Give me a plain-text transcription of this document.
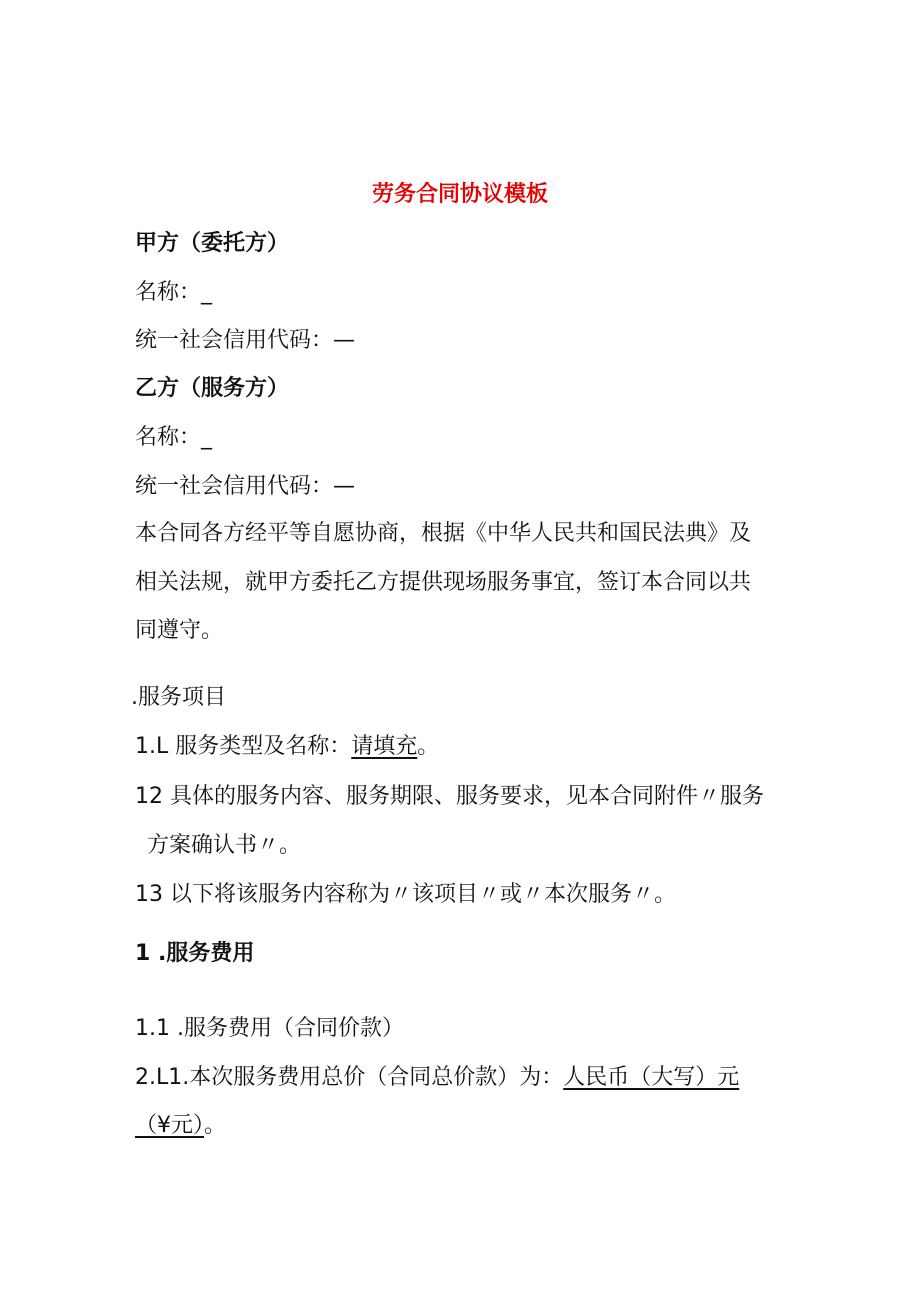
劳务合同协议模板
甲方（委托方）
名称：_
统一社会信用代码：—
乙方（服务方）
名称：_
统一社会信用代码：—
本合同各方经平等自愿协商，根据《中华人民共和国民法典》及
相关法规，就甲方委托乙方提供现场服务事宜，签订本合同以共
同遵守。
.服务项目
1.L 服务类型及名称：请填充。
12 具体的服务内容、服务期限、服务要求，见本合同附件〃服务
方案确认书〃。
13 以下将该服务内容称为〃该项目〃或〃本次服务〃。
1 .服务费用
1.1 .服务费用（合同价款）
2.L1.本次服务费用总价（合同总价款）为：人民币（大写）元
（¥元）。
